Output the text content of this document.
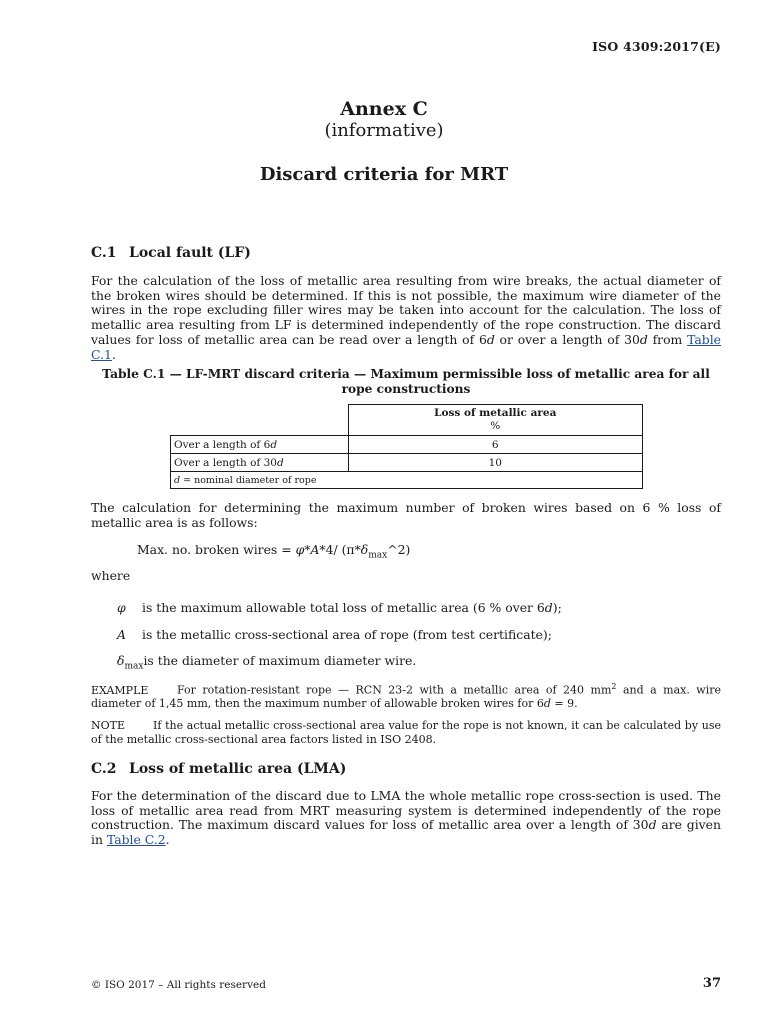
ISO 4309:2017(E)
Annex C
(informative)
Discard criteria for MRT
C.1 Local fault (LF)
For the calculation of the loss of metallic area resulting from wire breaks, the actual diameter of the broken wires should be determined. If this is not possible, the maximum wire diameter of the wires in the rope excluding filler wires may be taken into account for the calculation. The loss of metallic area resulting from LF is determined independently of the rope construction. The discard values for loss of metallic area can be read over a length of 6d or over a length of 30d from Table C.1.
Table C.1 — LF-MRT discard criteria — Maximum permissible loss of metallic area for all rope constructions

	Loss of metallic area
%

Over a length of 6d	6
Over a length of 30d	10
d = nominal diameter of rope	
The calculation for determining the maximum number of broken wires based on 6 % loss of metallic area is as follows:
Max. no. broken wires = φ*A*4/ $(\pi*\delta_{max}\^{}2)$
where
φ is the maximum allowable total loss of metallic area (6 % over 6d);
A is the metallic cross-sectional area of rope (from test certificate);
$\delta_{max}is$ the diameter of maximum diameter wire.
EXAMPLE	For rotation-resistant rope — RCN 23-2 with a metallic area of 240 $mm^2$ and a max. wire diameter of 1,45 mm, then the maximum number of allowable broken wires for 6d = 9.
NOTE	If the actual metallic cross-sectional area value for the rope is not known, it can be calculated by use of the metallic cross-sectional area factors listed in ISO 2408.
C.2 Loss of metallic area (LMA)
For the determination of the discard due to LMA the whole metallic rope cross-section is used. The loss of metallic area read from MRT measuring system is determined independently of the rope construction. The maximum discard values for loss of metallic area over a length of 30d are given in Table C.2.
© ISO 2017 – All rights reserved	37
